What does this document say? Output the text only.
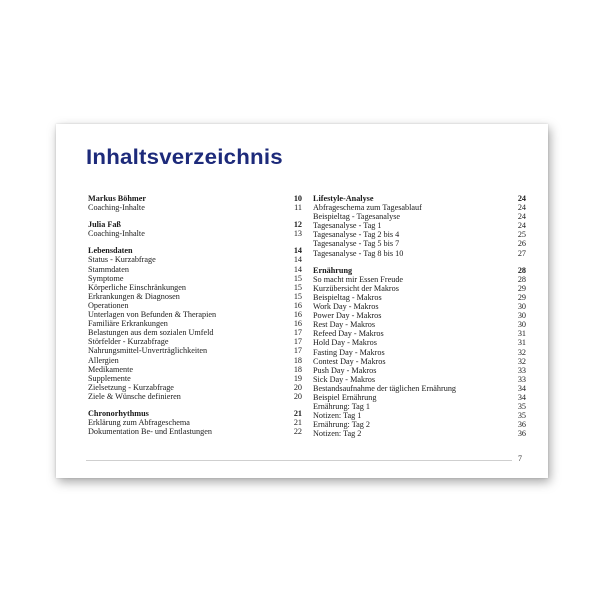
Inhaltsverzeichnis
Markus Böhmer	10
Coaching-Inhalte	11
Julia Faß	12
Coaching-Inhalte	13
Lebensdaten	14
Status - Kurzabfrage	14
Stammdaten	14
Symptome	15
Körperliche Einschränkungen	15
Erkrankungen & Diagnosen	15
Operationen	16
Unterlagen von Befunden & Therapien	16
Familiäre Erkrankungen	16
Belastungen aus dem sozialen Umfeld	17
Störfelder - Kurzabfrage	17
Nahrungsmittel-Unverträglichkeiten	17
Allergien	18
Medikamente	18
Supplemente	19
Zielsetzung - Kurzabfrage	20
Ziele & Wünsche definieren	20
Chronorhythmus	21
Erklärung zum Abfrageschema	21
Dokumentation Be- und Entlastungen	22
Lifestyle-Analyse	24
Abfrageschema zum Tagesablauf	24
Beispieltag - Tagesanalyse	24
Tagesanalyse - Tag 1	24
Tagesanalyse - Tag 2 bis 4	25
Tagesanalyse - Tag 5 bis 7	26
Tagesanalyse - Tag 8 bis 10	27
Ernährung	28
So macht mir Essen Freude	28
Kurzübersicht der Makros	29
Beispieltag - Makros	29
Work Day - Makros	30
Power Day - Makros	30
Rest Day - Makros	30
Refeed Day - Makros	31
Hold Day - Makros	31
Fasting Day - Makros	32
Contest Day - Makros	32
Push Day - Makros	33
Sick Day - Makros	33
Bestandsaufnahme der täglichen Ernährung	34
Beispiel Ernährung	34
Ernährung: Tag 1	35
Notizen: Tag 1	35
Ernährung: Tag 2	36
Notizen: Tag 2	36
7
